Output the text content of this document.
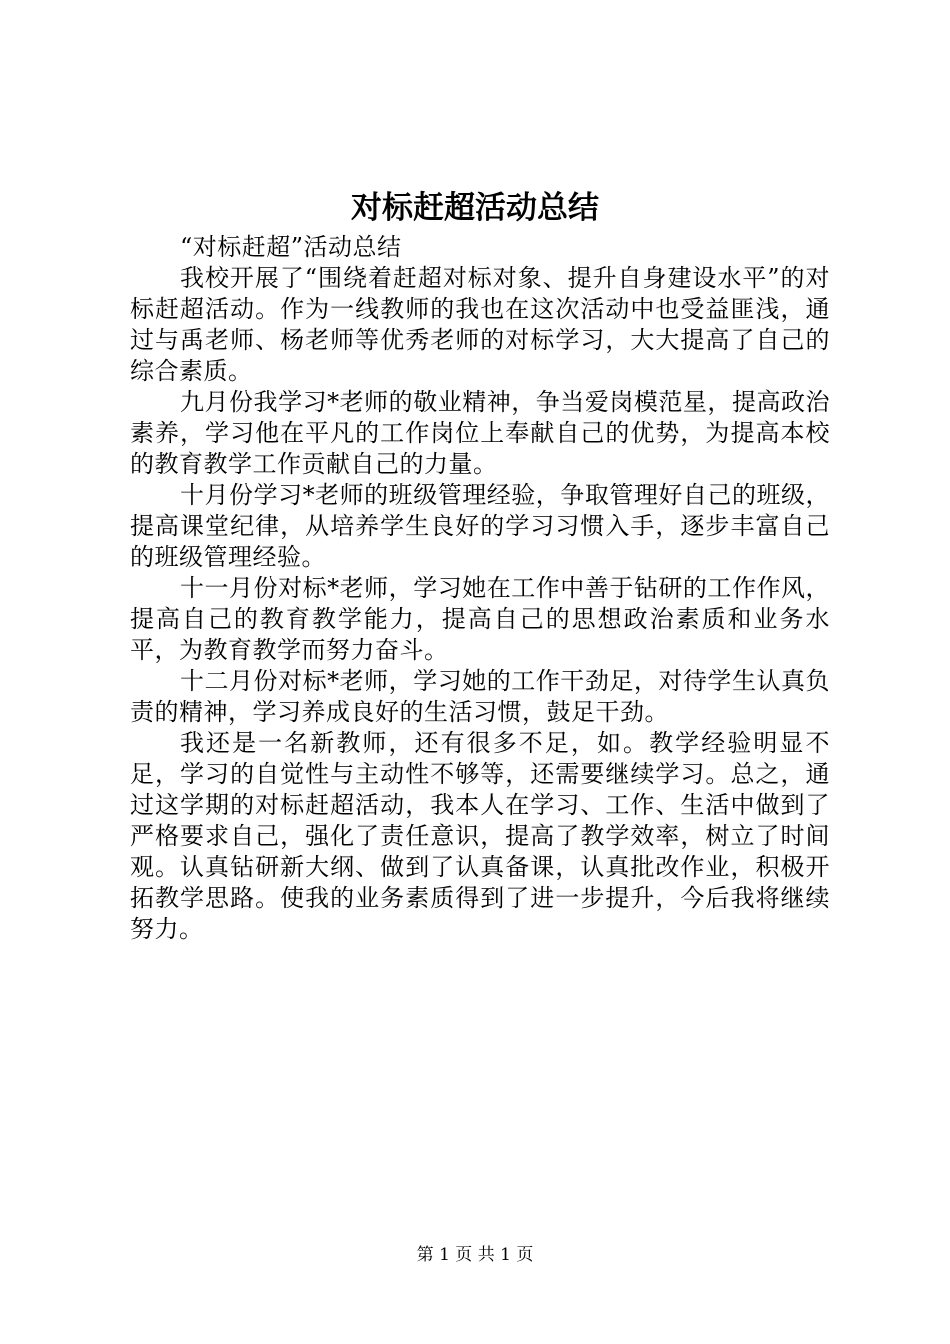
对标赶超活动总结

“对标赶超”活动总结

我校开展了“围绕着赶超对标对象、提升自身建设水平”的对标赶超活动。作为一线教师的我也在这次活动中也受益匪浅，通过与禹老师、杨老师等优秀老师的对标学习，大大提高了自己的综合素质。

九月份我学习*老师的敬业精神，争当爱岗模范星，提高政治素养，学习他在平凡的工作岗位上奉献自己的优势，为提高本校的教育教学工作贡献自己的力量。

十月份学习*老师的班级管理经验，争取管理好自己的班级，提高课堂纪律，从培养学生良好的学习习惯入手，逐步丰富自己的班级管理经验。

十一月份对标*老师，学习她在工作中善于钻研的工作作风，提高自己的教育教学能力，提高自己的思想政治素质和业务水平，为教育教学而努力奋斗。

十二月份对标*老师，学习她的工作干劲足，对待学生认真负责的精神，学习养成良好的生活习惯，鼓足干劲。

我还是一名新教师，还有很多不足，如。教学经验明显不足，学习的自觉性与主动性不够等，还需要继续学习。总之，通过这学期的对标赶超活动，我本人在学习、工作、生活中做到了严格要求自己，强化了责任意识，提高了教学效率，树立了时间观。认真钻研新大纲、做到了认真备课，认真批改作业，积极开拓教学思路。使我的业务素质得到了进一步提升，今后我将继续努力。

第 1 页 共 1 页
